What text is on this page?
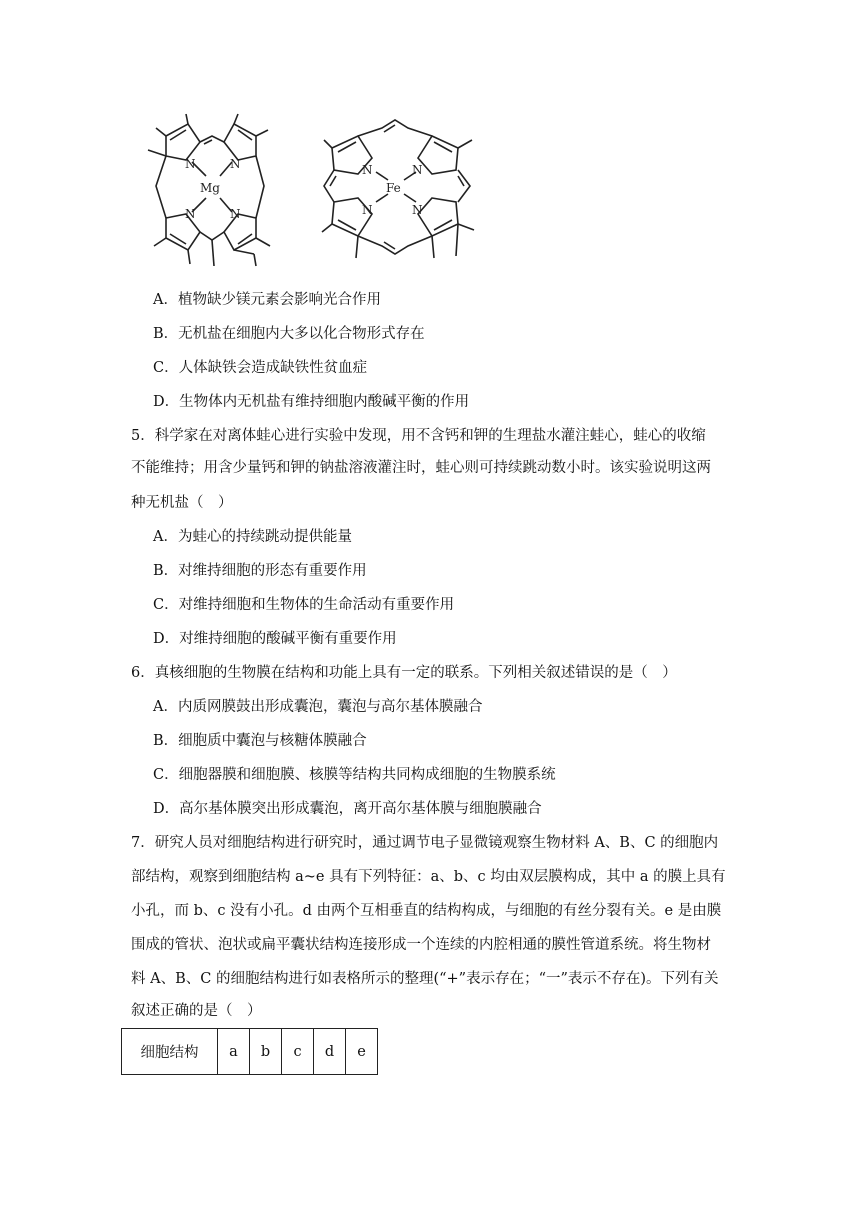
N	N
N	N
Mg
N	N
N	N
Fe
A．植物缺少镁元素会影响光合作用
B．无机盐在细胞内大多以化合物形式存在
C．人体缺铁会造成缺铁性贫血症
D．生物体内无机盐有维持细胞内酸碱平衡的作用
5．科学家在对离体蛙心进行实验中发现，用不含钙和钾的生理盐水灌注蛙心，蛙心的收缩
不能维持；用含少量钙和钾的钠盐溶液灌注时，蛙心则可持续跳动数小时。该实验说明这两
种无机盐（　）
A．为蛙心的持续跳动提供能量
B．对维持细胞的形态有重要作用
C．对维持细胞和生物体的生命活动有重要作用
D．对维持细胞的酸碱平衡有重要作用
6．真核细胞的生物膜在结构和功能上具有一定的联系。下列相关叙述错误的是（　）
A．内质网膜鼓出形成囊泡，囊泡与高尔基体膜融合
B．细胞质中囊泡与核糖体膜融合
C．细胞器膜和细胞膜、核膜等结构共同构成细胞的生物膜系统
D．高尔基体膜突出形成囊泡，离开高尔基体膜与细胞膜融合
7．研究人员对细胞结构进行研究时，通过调节电子显微镜观察生物材料 A、B、C 的细胞内
部结构，观察到细胞结构 a~e 具有下列特征：a、b、c 均由双层膜构成，其中 a 的膜上具有
小孔，而 b、c 没有小孔。d 由两个互相垂直的结构构成，与细胞的有丝分裂有关。e 是由膜
围成的管状、泡状或扁平囊状结构连接形成一个连续的内腔相通的膜性管道系统。将生物材
料 A、B、C 的细胞结构进行如表格所示的整理(“+”表示存在；“一”表示不存在)。下列有关
叙述正确的是（　）
细胞结构	a	b	c	d	e
